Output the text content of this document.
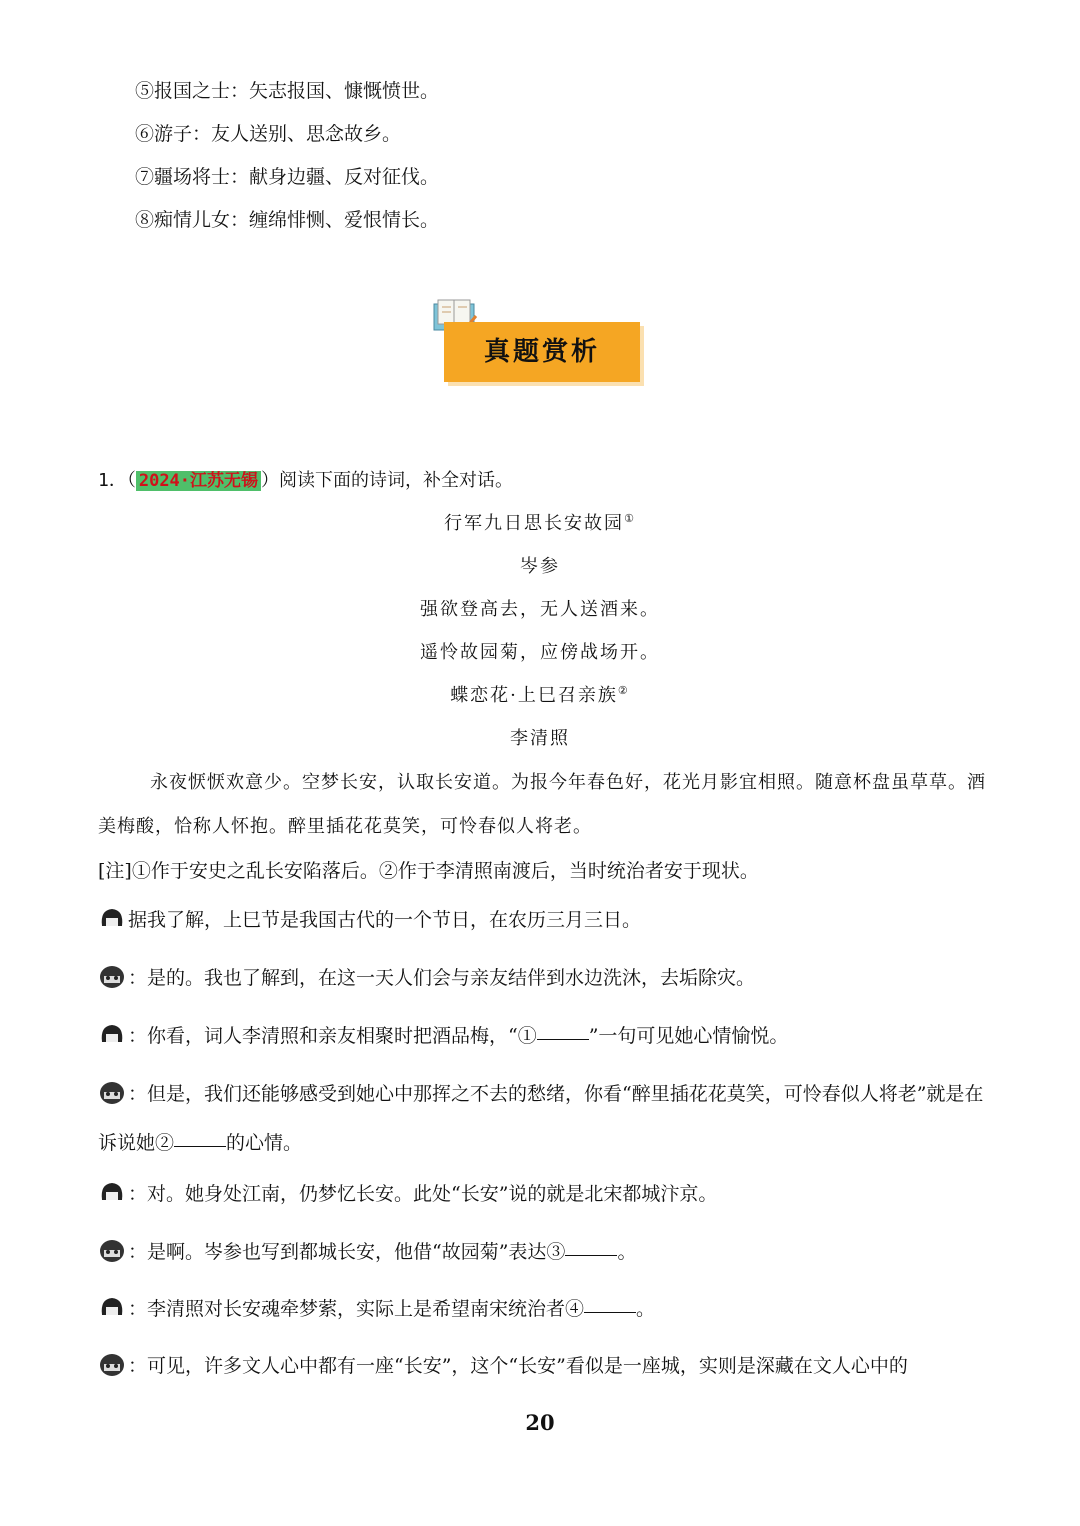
⑤报国之士：矢志报国、慷慨愤世。
⑥游子：友人送别、思念故乡。
⑦疆场将士：献身边疆、反对征伐。
⑧痴情儿女：缠绵悱恻、爱恨情长。
真题赏析
1．（ 2024·江苏无锡 ）阅读下面的诗词，补全对话。
行军九日思长安故园①
岑参
强欲登高去，无人送酒来。
遥怜故园菊，应傍战场开。
蝶恋花·上巳召亲族②
李清照
永夜恹恹欢意少。空梦长安，认取长安道。为报今年春色好，花光月影宜相照。随意杯盘虽草草。酒
美梅酸，恰称人怀抱。醉里插花花莫笑，可怜春似人将老。
[注]①作于安史之乱长安陷落后。②作于李清照南渡后，当时统治者安于现状。
据我了解，上巳节是我国古代的一个节日，在农历三月三日。
：是的。我也了解到，在这一天人们会与亲友结伴到水边洗沐，去垢除灾。
：你看，词人李清照和亲友相聚时把酒品梅，“①	”一句可见她心情愉悦。
：但是，我们还能够感受到她心中那挥之不去的愁绪，你看“醉里插花花莫笑，可怜春似人将老”就是在
诉说她②	的心情。
：对。她身处江南，仍梦忆长安。此处“长安”说的就是北宋都城汴京。
：是啊。岑参也写到都城长安，他借“故园菊”表达③	。
：李清照对长安魂牵梦萦，实际上是希望南宋统治者④	。
：可见，许多文人心中都有一座“长安”，这个“长安”看似是一座城，实则是深藏在文人心中的
20
